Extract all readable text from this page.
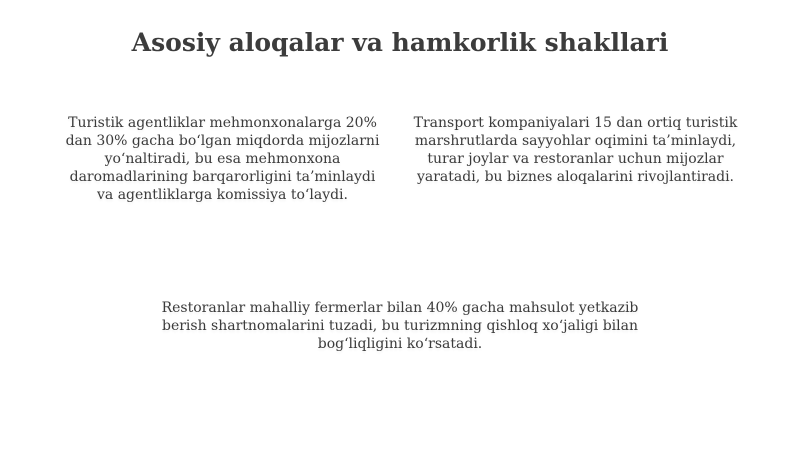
Asosiy aloqalar va hamkorlik shakllari

Turistik agentliklar mehmonxonalarga 20%
dan 30% gacha bo‘lgan miqdorda mijozlarni
yo‘naltiradi, bu esa mehmonxona
daromadlarining barqarorligini ta’minlaydi
va agentliklarga komissiya to‘laydi.

Transport kompaniyalari 15 dan ortiq turistik
marshrutlarda sayyohlar oqimini ta’minlaydi,
turar joylar va restoranlar uchun mijozlar
yaratadi, bu biznes aloqalarini rivojlantiradi.

Restoranlar mahalliy fermerlar bilan 40% gacha mahsulot yetkazib
berish shartnomalarini tuzadi, bu turizmning qishloq xo‘jaligi bilan
bog‘liqligini ko‘rsatadi.
